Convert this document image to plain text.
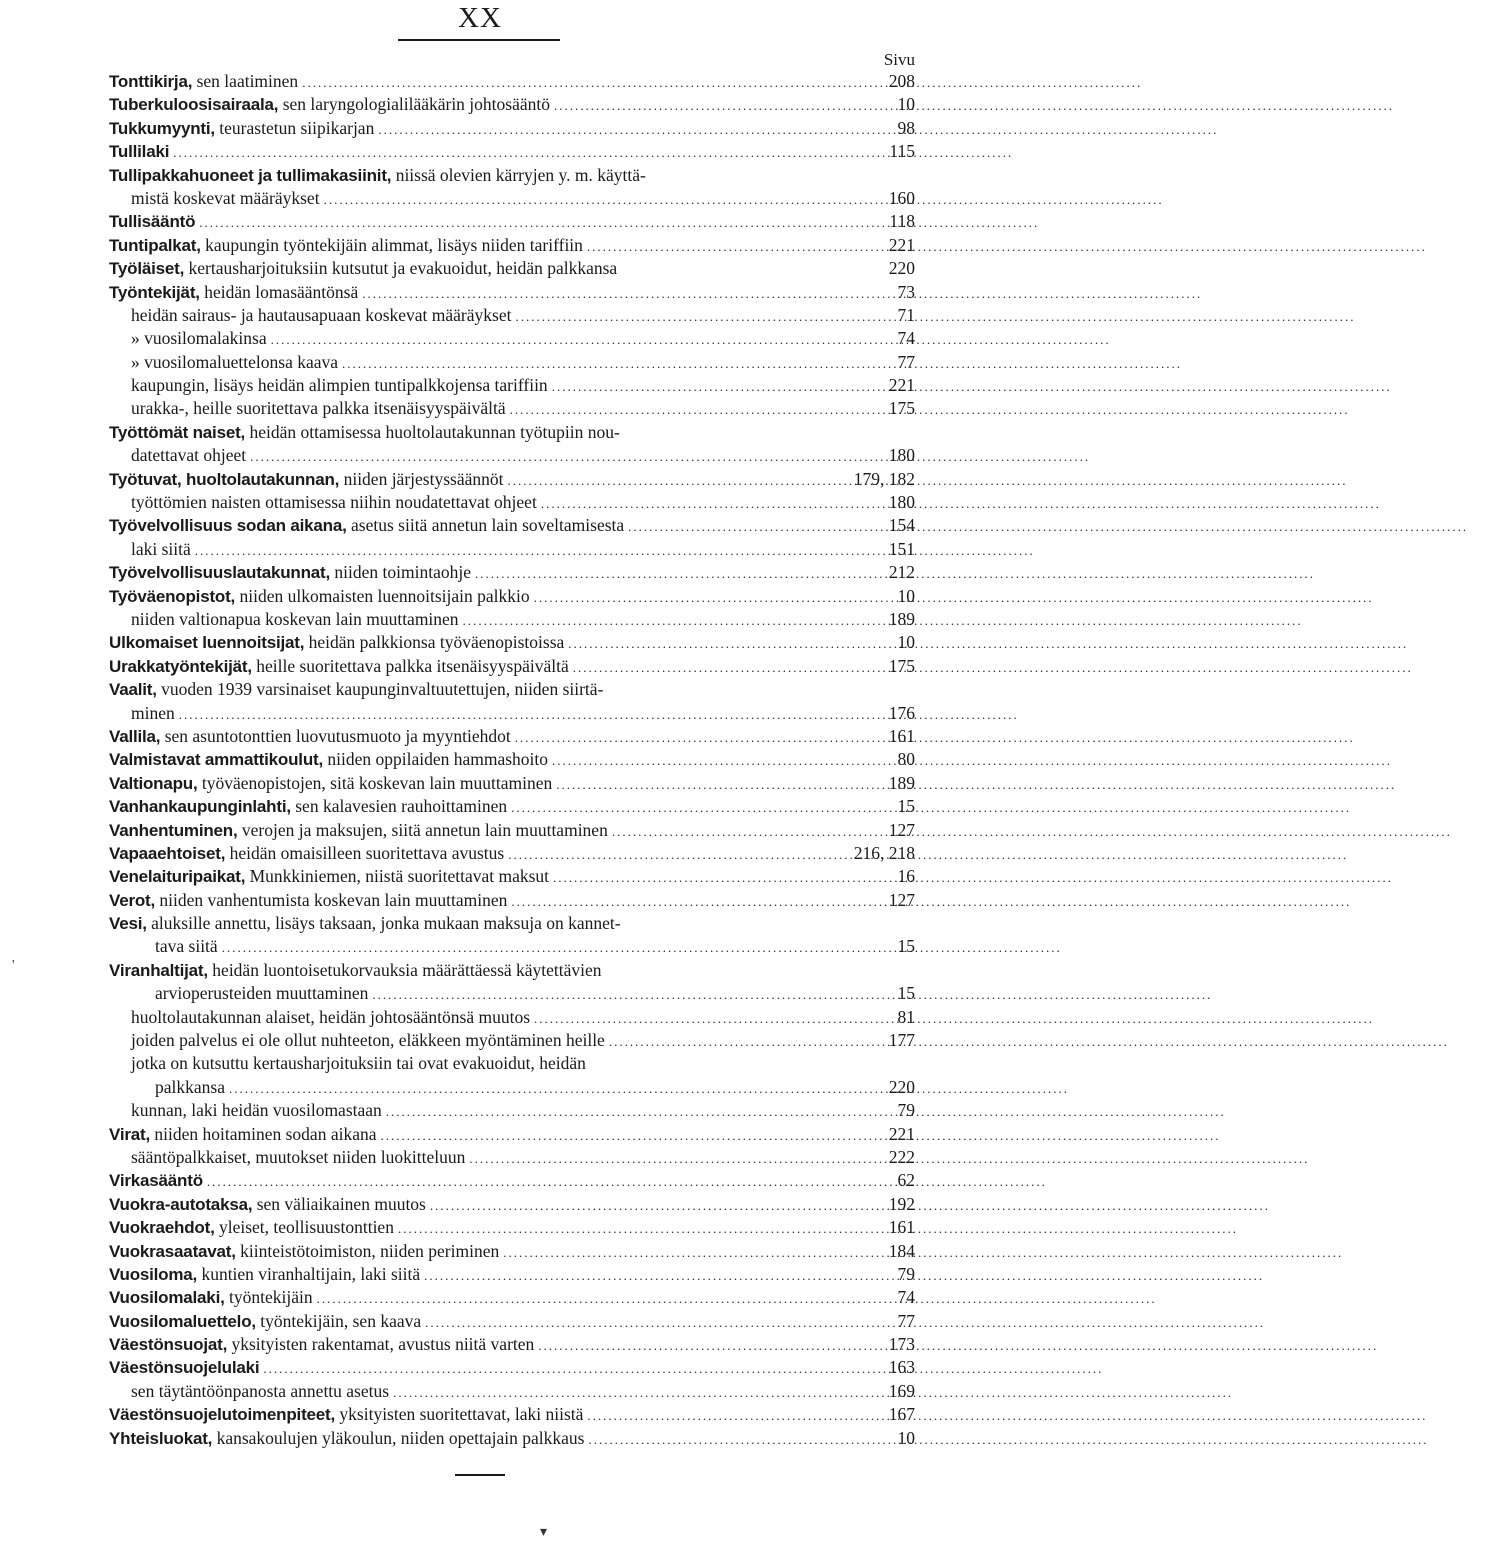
XX
Sivu
Tonttikirja, sen laatiminen .....	208
Tuberkuloosisairaala, sen laryngologialilääkärin johtosääntö .....	10
Tukkumyynti, teurastetun siipikarjan .....	98
Tullilaki .....	115
Tullipakkahuoneet ja tullimakasiinit, niissä olevien kärryjen y. m. käyttä-
mistä koskevat määräykset .....	160
Tullisääntö .....	118
Tuntipalkat, kaupungin työntekijäin alimmat, lisäys niiden tariffiin .....	221
Työläiset, kertausharjoituksiin kutsutut ja evakuoidut, heidän palkkansa	220
Työntekijät, heidän lomasääntönsä .....	73
heidän sairaus- ja hautausapuaan koskevat määräykset .....	71
» vuosilomalakinsa .....	74
» vuosilomaluettelonsa kaava .....	77
kaupungin, lisäys heidän alimpien tuntipalkkojensa tariffiin .....	221
urakka-, heille suoritettava palkka itsenäisyyspäivältä .....	175
Työttömät naiset, heidän ottamisessa huoltolautakunnan työtupiin nou-
datettavat ohjeet .....	180
Työtuvat, huoltolautakunnan, niiden järjestyssäännöt .....	179, 182
työttömien naisten ottamisessa niihin noudatettavat ohjeet .....	180
Työvelvollisuus sodan aikana, asetus siitä annetun lain soveltamisesta .....	154
laki siitä .....	151
Työvelvollisuuslautakunnat, niiden toimintaohje .....	212
Työväenopistot, niiden ulkomaisten luennoitsijain palkkio .....	10
niiden valtionapua koskevan lain muuttaminen .....	189
Ulkomaiset luennoitsijat, heidän palkkionsa työväenopistoissa .....	10
Urakkatyöntekijät, heille suoritettava palkka itsenäisyyspäivältä .....	175
Vaalit, vuoden 1939 varsinaiset kaupunginvaltuutettujen, niiden siirtä-
minen .....	176
Vallila, sen asuntotonttien luovutusmuoto ja myyntiehdot .....	161
Valmistavat ammattikoulut, niiden oppilaiden hammashoito .....	80
Valtionapu, työväenopistojen, sitä koskevan lain muuttaminen .....	189
Vanhankaupunginlahti, sen kalavesien rauhoittaminen .....	15
Vanhentuminen, verojen ja maksujen, siitä annetun lain muuttaminen .....	127
Vapaaehtoiset, heidän omaisilleen suoritettava avustus .....	216, 218
Venelaituripaikat, Munkkiniemen, niistä suoritettavat maksut .....	16
Verot, niiden vanhentumista koskevan lain muuttaminen .....	127
Vesi, aluksille annettu, lisäys taksaan, jonka mukaan maksuja on kannet-
tava siitä .....	15
Viranhaltijat, heidän luontoisetukorvauksia määrättäessä käytettävien
arvioperusteiden muuttaminen .....	15
huoltolautakunnan alaiset, heidän johtosääntönsä muutos .....	81
joiden palvelus ei ole ollut nuhteeton, eläkkeen myöntäminen heille .....	177
jotka on kutsuttu kertausharjoituksiin tai ovat evakuoidut, heidän
palkkansa .....	220
kunnan, laki heidän vuosilomastaan .....	79
Virat, niiden hoitaminen sodan aikana .....	221
sääntöpalkkaiset, muutokset niiden luokitteluun .....	222
Virkasääntö .....	62
Vuokra-autotaksa, sen väliaikainen muutos .....	192
Vuokraehdot, yleiset, teollisuustonttien .....	161
Vuokrasaatavat, kiinteistötoimiston, niiden periminen .....	184
Vuosiloma, kuntien viranhaltijain, laki siitä .....	79
Vuosilomalaki, työntekijäin .....	74
Vuosilomaluettelo, työntekijäin, sen kaava .....	77
Väestönsuojat, yksityisten rakentamat, avustus niitä varten .....	173
Väestönsuojelulaki .....	163
sen täytäntöönpanosta annettu asetus .....	169
Väestönsuojelutoimenpiteet, yksityisten suoritettavat, laki niistä .....	167
Yhteisluokat, kansakoulujen yläkoulun, niiden opettajain palkkaus .....	10
'
▾
